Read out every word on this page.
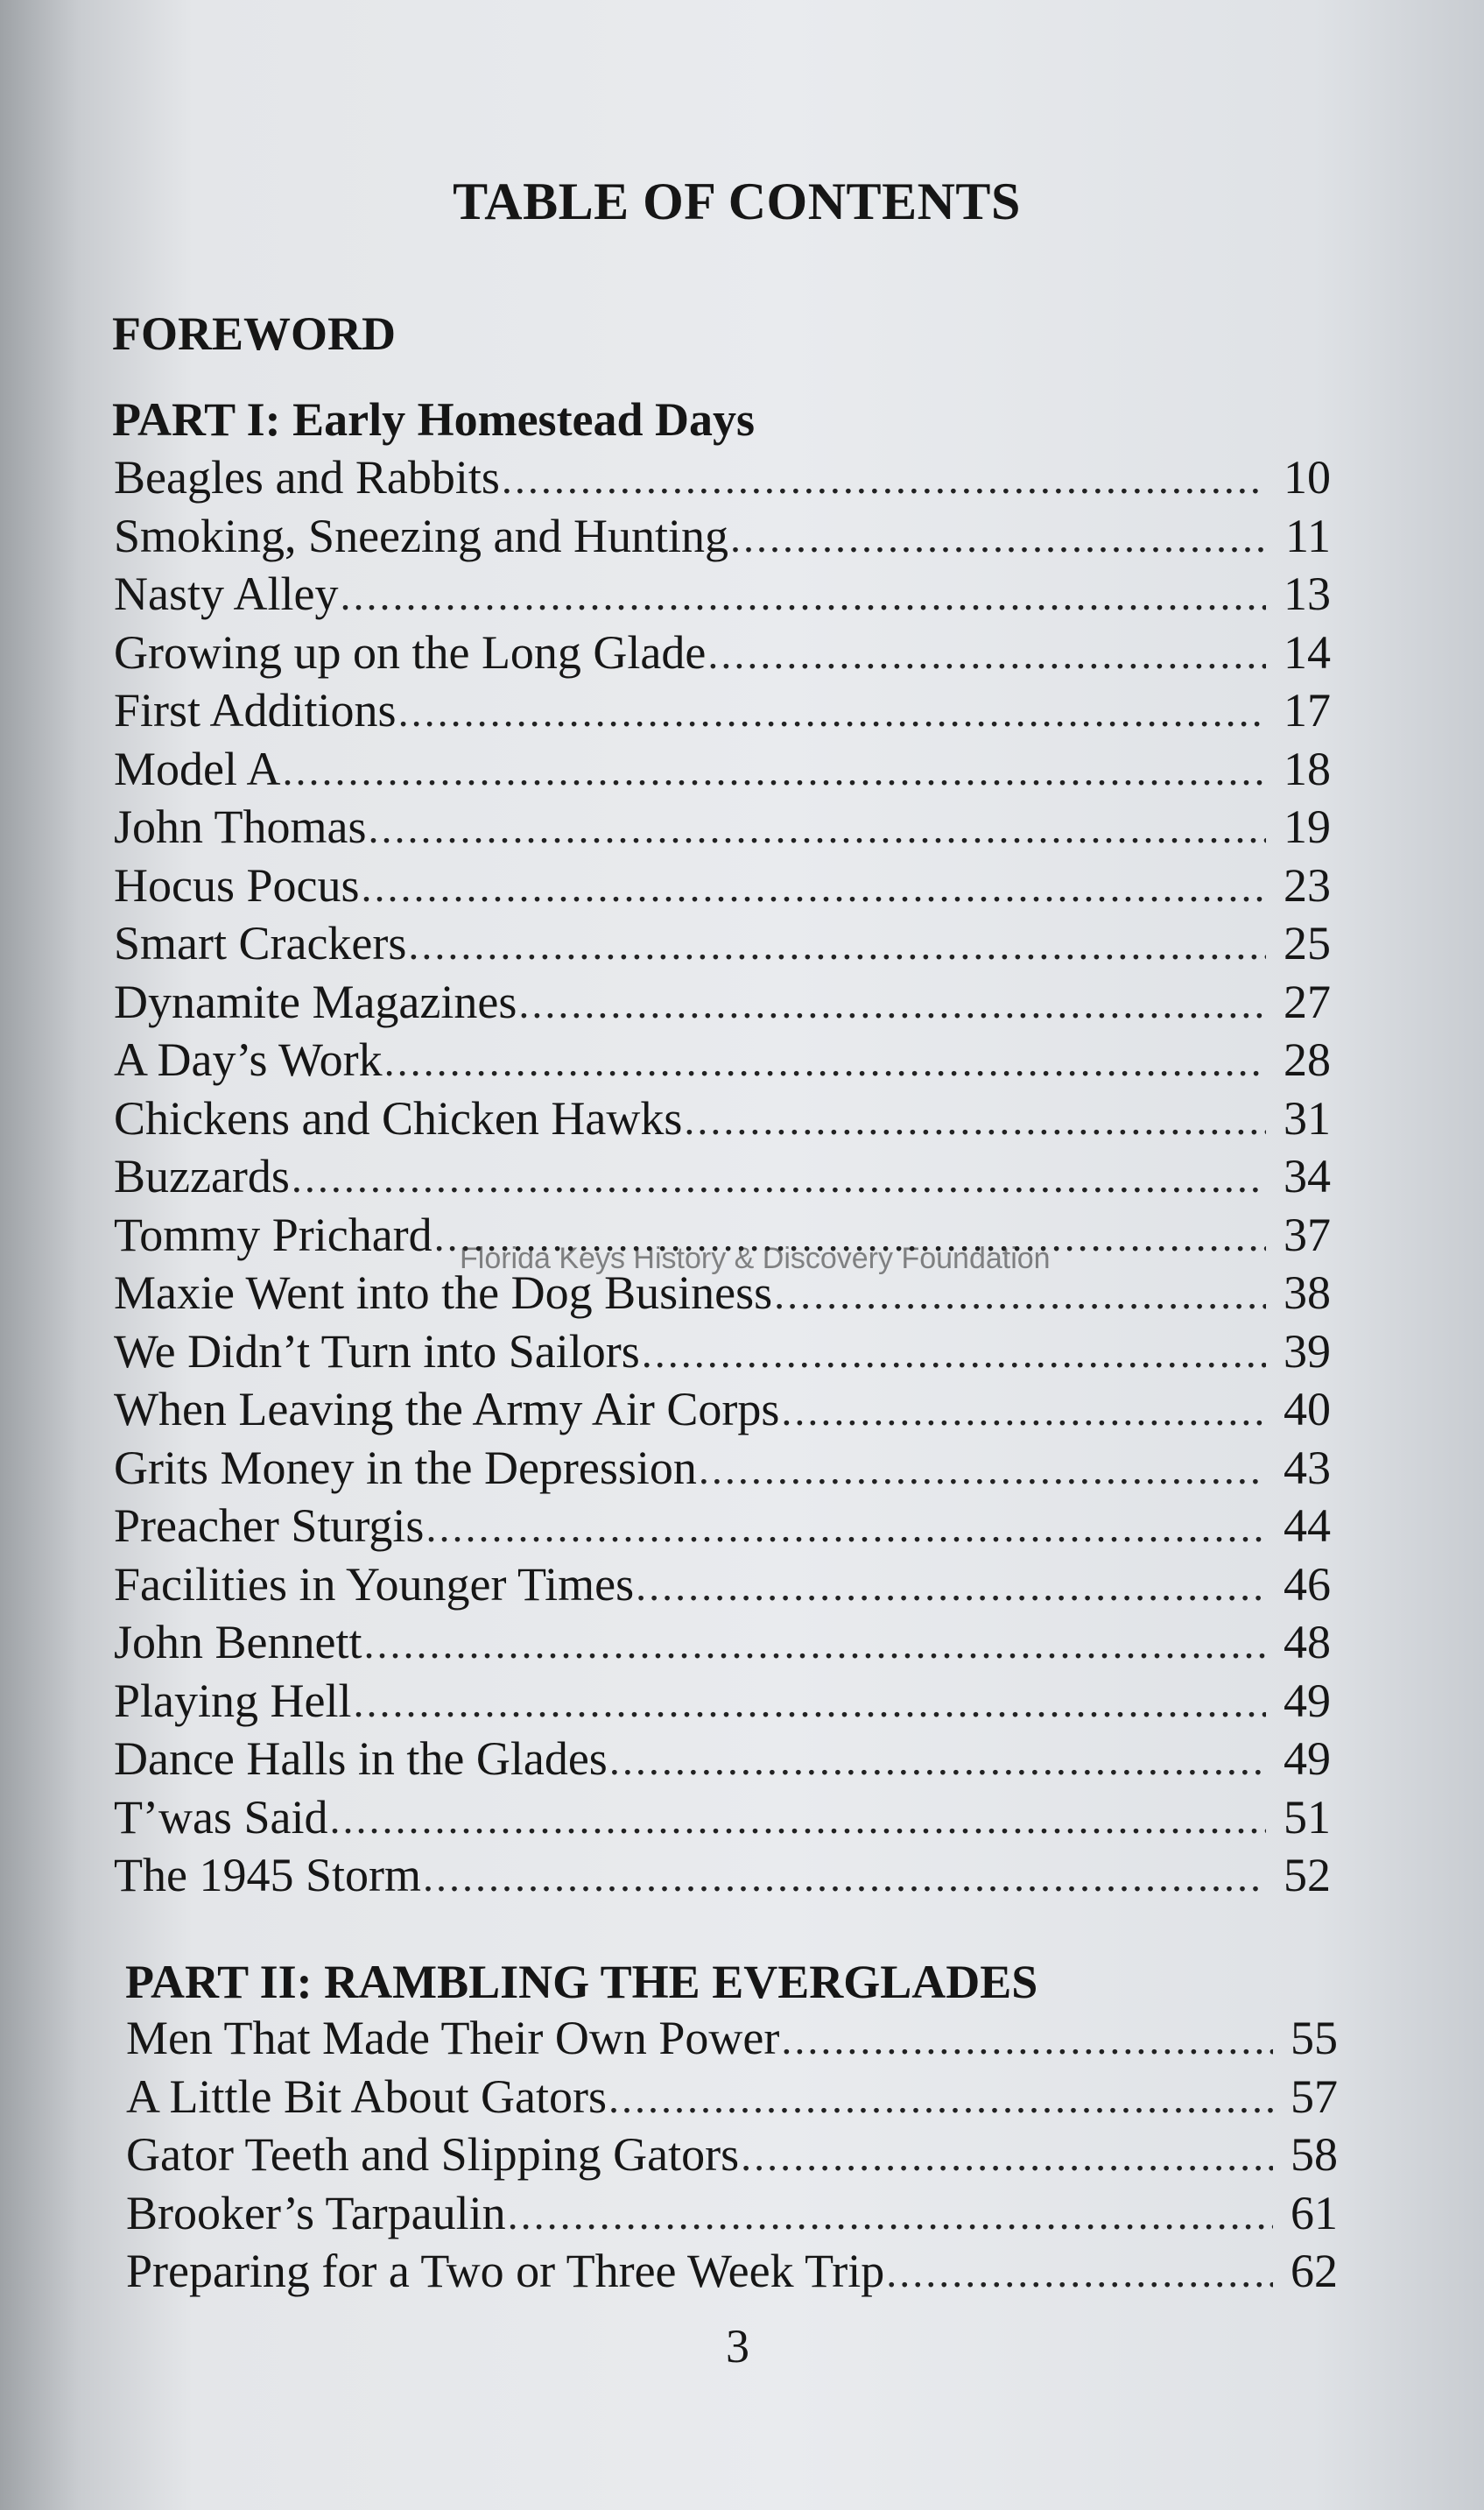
TABLE OF CONTENTS
FOREWORD
PART I: Early Homestead Days
Beagles and Rabbits .....	10
Smoking, Sneezing and Hunting .....	11
Nasty Alley .....	13
Growing up on the Long Glade .....	14
First Additions .....	17
Model A .....	18
John Thomas .....	19
Hocus Pocus .....	23
Smart Crackers .....	25
Dynamite Magazines .....	27
A Day’s Work .....	28
Chickens and Chicken Hawks .....	31
Buzzards .....	34
Tommy Prichard .....	37
Maxie Went into the Dog Business .....	38
We Didn’t Turn into Sailors .....	39
When Leaving the Army Air Corps .....	40
Grits Money in the Depression .....	43
Preacher Sturgis .....	44
Facilities in Younger Times .....	46
John Bennett .....	48
Playing Hell .....	49
Dance Halls in the Glades .....	49
T’was Said .....	51
The 1945 Storm .....	52
PART II: RAMBLING THE EVERGLADES
Men That Made Their Own Power .....	55
A Little Bit About Gators .....	57
Gator Teeth and Slipping Gators .....	58
Brooker’s Tarpaulin .....	61
Preparing for a Two or Three Week Trip .....	62
Florida Keys History & Discovery Foundation
3
